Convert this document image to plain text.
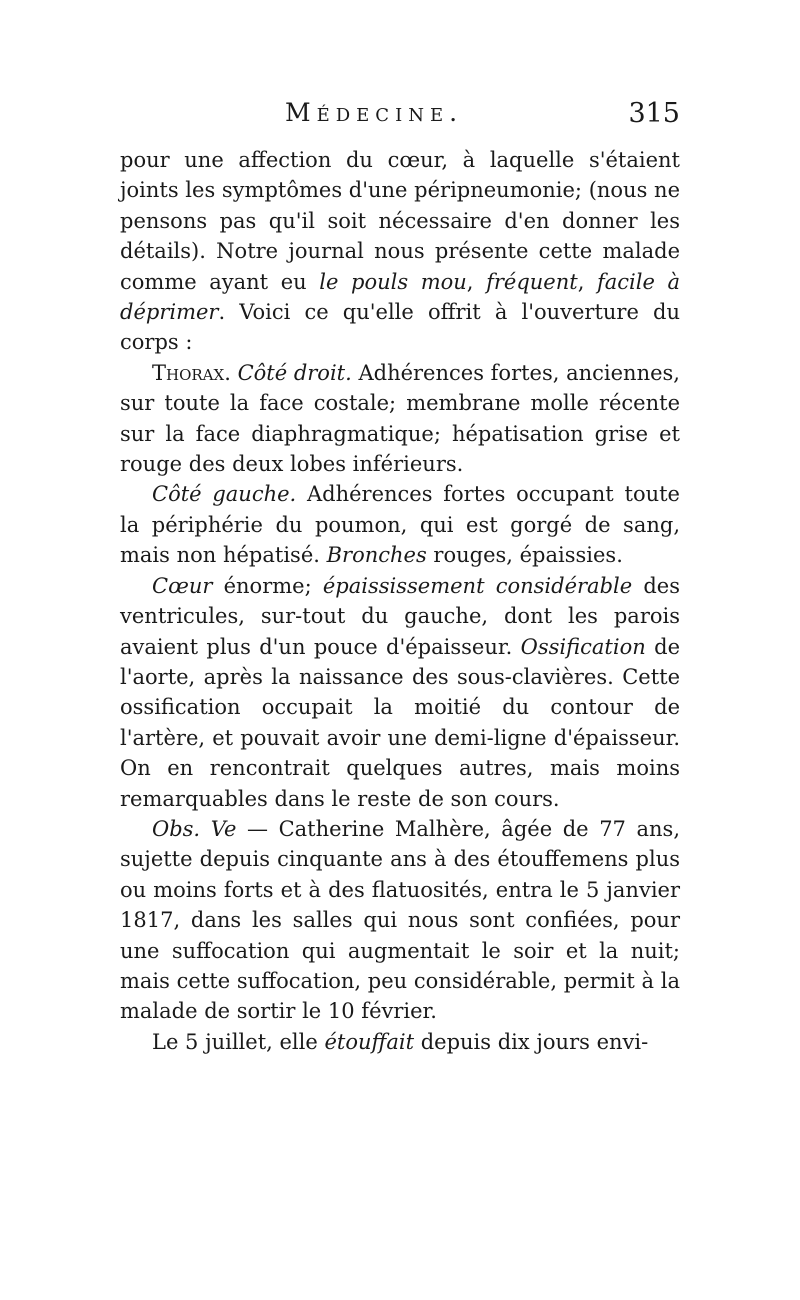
Médecine.	315

pour une affection du cœur, à laquelle s'étaient joints les symptômes d'une péripneumonie; (nous ne pensons pas qu'il soit nécessaire d'en donner les détails). Notre journal nous présente cette malade comme ayant eu le pouls mou, fréquent, facile à déprimer. Voici ce qu'elle offrit à l'ouverture du corps :

Thorax. Côté droit. Adhérences fortes, anciennes, sur toute la face costale; membrane molle récente sur la face diaphragmatique; hépatisation grise et rouge des deux lobes inférieurs.

Côté gauche. Adhérences fortes occupant toute la périphérie du poumon, qui est gorgé de sang, mais non hépatisé. Bronches rouges, épaissies.

Cœur énorme; épaississement considérable des ventricules, sur-tout du gauche, dont les parois avaient plus d'un pouce d'épaisseur. Ossification de l'aorte, après la naissance des sous-clavières. Cette ossification occupait la moitié du contour de l'artère, et pouvait avoir une demi-ligne d'épaisseur. On en rencontrait quelques autres, mais moins remarquables dans le reste de son cours.

Obs. Ve — Catherine Malhère, âgée de 77 ans, sujette depuis cinquante ans à des étouffemens plus ou moins forts et à des flatuosités, entra le 5 janvier 1817, dans les salles qui nous sont confiées, pour une suffocation qui augmentait le soir et la nuit; mais cette suffocation, peu considérable, permit à la malade de sortir le 10 février.

Le 5 juillet, elle étouffait depuis dix jours envi-
